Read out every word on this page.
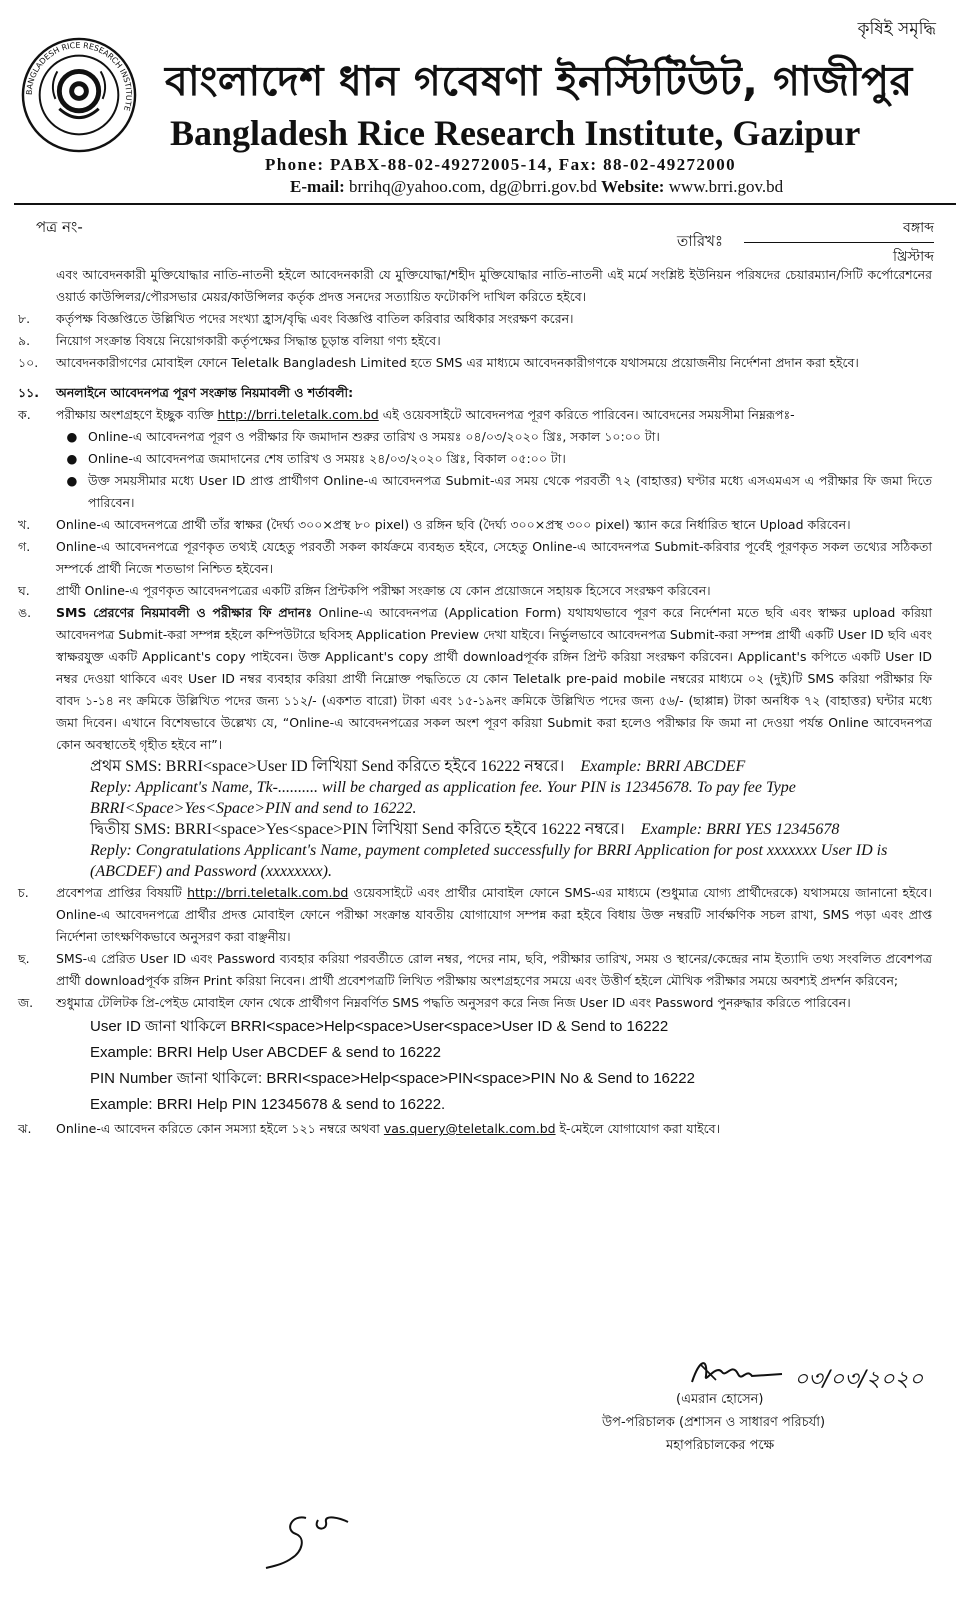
কৃষিই সমৃদ্ধি
BANGLADESH RICE RESEARCH INSTITUTE
বাংলাদেশ ধান গবেষণা ইনস্টিটিউট, গাজীপুর
Bangladesh Rice Research Institute, Gazipur
Phone: PABX-88-02-49272005-14, Fax: 88-02-49272000
E-mail: brrihq@yahoo.com, dg@brri.gov.bd Website: www.brri.gov.bd
পত্র নং-	বঙ্গাব্দ
তারিখঃ
খ্রিস্টাব্দ

এবং আবেদনকারী মুক্তিযোদ্ধার নাতি-নাতনী হইলে আবেদনকারী যে মুক্তিযোদ্ধা/শহীদ মুক্তিযোদ্ধার নাতি-নাতনী এই মর্মে সংশ্লিষ্ট ইউনিয়ন পরিষদের চেয়ারম্যান/সিটি কর্পোরেশনের ওয়ার্ড কাউন্সিলর/পৌরসভার মেয়র/কাউন্সিলর কর্তৃক প্রদত্ত সনদের সত্যায়িত ফটোকপি দাখিল করিতে হইবে।

৮.	কর্তৃপক্ষ বিজ্ঞপ্তিতে উল্লিখিত পদের সংখ্যা হ্রাস/বৃদ্ধি এবং বিজ্ঞপ্তি বাতিল করিবার অধিকার সংরক্ষণ করেন।
৯.	নিয়োগ সংক্রান্ত বিষয়ে নিয়োগকারী কর্তৃপক্ষের সিদ্ধান্ত চূড়ান্ত বলিয়া গণ্য হইবে।
১০.	আবেদনকারীগণের মোবাইল ফোনে Teletalk Bangladesh Limited হতে SMS এর মাধ্যমে আবেদনকারীগণকে যথাসময়ে প্রয়োজনীয় নির্দেশনা প্রদান করা হইবে।
১১.	অনলাইনে আবেদনপত্র পূরণ সংক্রান্ত নিয়মাবলী ও শর্তাবলী:
ক.	পরীক্ষায় অংশগ্রহণে ইচ্ছুক ব্যক্তি http://brri.teletalk.com.bd এই ওয়েবসাইটে আবেদনপত্র পূরণ করিতে পারিবেন। আবেদনের সময়সীমা নিম্নরূপঃ-
● Online-এ আবেদনপত্র পূরণ ও পরীক্ষার ফি জমাদান শুরুর তারিখ ও সময়ঃ ০৪/০৩/২০২০ খ্রিঃ, সকাল ১০:০০ টা।
● Online-এ আবেদনপত্র জমাদানের শেষ তারিখ ও সময়ঃ ২৪/০৩/২০২০ খ্রিঃ, বিকাল ০৫:০০ টা।
● উক্ত সময়সীমার মধ্যে User ID প্রাপ্ত প্রার্থীগণ Online-এ আবেদনপত্র Submit-এর সময় থেকে পরবর্তী ৭২ (বাহাত্তর) ঘণ্টার মধ্যে এসএমএস এ পরীক্ষার ফি জমা দিতে পারিবেন।
খ.	Online-এ আবেদনপত্রে প্রার্থী তাঁর স্বাক্ষর (দৈর্ঘ্য ৩০০×প্রস্থ ৮০ pixel) ও রঙ্গিন ছবি (দৈর্ঘ্য ৩০০×প্রস্থ ৩০০ pixel) স্ক্যান করে নির্ধারিত স্থানে Upload করিবেন।
গ.	Online-এ আবেদনপত্রে পূরণকৃত তথ্যই যেহেতু পরবর্তী সকল কার্যক্রমে ব্যবহৃত হইবে, সেহেতু Online-এ আবেদনপত্র Submit-করিবার পূর্বেই পূরণকৃত সকল তথ্যের সঠিকতা সম্পর্কে প্রার্থী নিজে শতভাগ নিশ্চিত হইবেন।
ঘ.	প্রার্থী Online-এ পূরণকৃত আবেদনপত্রের একটি রঙ্গিন প্রিন্টকপি পরীক্ষা সংক্রান্ত যে কোন প্রয়োজনে সহায়ক হিসেবে সংরক্ষণ করিবেন।
ঙ.	SMS প্রেরণের নিয়মাবলী ও পরীক্ষার ফি প্রদানঃ Online-এ আবেদনপত্র (Application Form) যথাযথভাবে পূরণ করে নির্দেশনা মতে ছবি এবং স্বাক্ষর upload করিয়া আবেদনপত্র Submit-করা সম্পন্ন হইলে কম্পিউটারে ছবিসহ Application Preview দেখা যাইবে। নির্ভুলভাবে আবেদনপত্র Submit-করা সম্পন্ন প্রার্থী একটি User ID ছবি এবং স্বাক্ষরযুক্ত একটি Applicant's copy পাইবেন। উক্ত Applicant's copy প্রার্থী downloadপূর্বক রঙ্গিন প্রিন্ট করিয়া সংরক্ষণ করিবেন। Applicant's কপিতে একটি User ID নম্বর দেওয়া থাকিবে এবং User ID নম্বর ব্যবহার করিয়া প্রার্থী নিম্নোক্ত পদ্ধতিতে যে কোন Teletalk pre-paid mobile নম্বরের মাধ্যমে ০২ (দুই)টি SMS করিয়া পরীক্ষার ফি বাবদ ১-১৪ নং ক্রমিকে উল্লিখিত পদের জন্য ১১২/- (একশত বারো) টাকা এবং ১৫-১৯নং ক্রমিকে উল্লিখিত পদের জন্য ৫৬/- (ছাপ্পান্ন) টাকা অনধিক ৭২ (বাহাত্তর) ঘন্টার মধ্যে জমা দিবেন। এখানে বিশেষভাবে উল্লেখ্য যে, “Online-এ আবেদনপত্রের সকল অংশ পূরণ করিয়া Submit করা হলেও পরীক্ষার ফি জমা না দেওয়া পর্যন্ত Online আবেদনপত্র কোন অবস্থাতেই গৃহীত হইবে না”।
প্রথম SMS: BRRI<space>User ID লিখিয়া Send করিতে হইবে 16222 নম্বরে। Example: BRRI ABCDEF
Reply: Applicant's Name, Tk-.......... will be charged as application fee. Your PIN is 12345678. To pay fee Type BRRI<Space>Yes<Space>PIN and send to 16222.
দ্বিতীয় SMS: BRRI<space>Yes<space>PIN লিখিয়া Send করিতে হইবে 16222 নম্বরে। Example: BRRI YES 12345678
Reply: Congratulations Applicant's Name, payment completed successfully for BRRI Application for post xxxxxxx User ID is (ABCDEF) and Password (xxxxxxxx).
চ.	প্রবেশপত্র প্রাপ্তির বিষয়টি http://brri.teletalk.com.bd ওয়েবসাইটে এবং প্রার্থীর মোবাইল ফোনে SMS-এর মাধ্যমে (শুধুমাত্র যোগ্য প্রার্থীদেরকে) যথাসময়ে জানানো হইবে। Online-এ আবেদনপত্রে প্রার্থীর প্রদত্ত মোবাইল ফোনে পরীক্ষা সংক্রান্ত যাবতীয় যোগাযোগ সম্পন্ন করা হইবে বিধায় উক্ত নম্বরটি সার্বক্ষণিক সচল রাখা, SMS পড়া এবং প্রাপ্ত নির্দেশনা তাৎক্ষণিকভাবে অনুসরণ করা বাঞ্ছনীয়।
ছ.	SMS-এ প্রেরিত User ID এবং Password ব্যবহার করিয়া পরবর্তীতে রোল নম্বর, পদের নাম, ছবি, পরীক্ষার তারিখ, সময় ও স্থানের/কেন্দ্রের নাম ইত্যাদি তথ্য সংবলিত প্রবেশপত্র প্রার্থী downloadপূর্বক রঙ্গিন Print করিয়া নিবেন। প্রার্থী প্রবেশপত্রটি লিখিত পরীক্ষায় অংশগ্রহণের সময়ে এবং উত্তীর্ণ হইলে মৌখিক পরীক্ষার সময়ে অবশ্যই প্রদর্শন করিবেন;
জ.	শুধুমাত্র টেলিটক প্রি-পেইড মোবাইল ফোন থেকে প্রার্থীগণ নিম্নবর্ণিত SMS পদ্ধতি অনুসরণ করে নিজ নিজ User ID এবং Password পুনরুদ্ধার করিতে পারিবেন।
User ID জানা থাকিলে BRRI<space>Help<space>User<space>User ID & Send to 16222
Example: BRRI Help User ABCDEF & send to 16222
PIN Number জানা থাকিলে: BRRI<space>Help<space>PIN<space>PIN No & Send to 16222
Example: BRRI Help PIN 12345678 & send to 16222.
ঝ.	Online-এ আবেদন করিতে কোন সমস্যা হইলে ১২১ নম্বরে অথবা vas.query@teletalk.com.bd ই-মেইলে যোগাযোগ করা যাইবে।
০৩/০৩/২০২০
(এমরান হোসেন)
উপ-পরিচালক (প্রশাসন ও সাধারণ পরিচর্যা)
মহাপরিচালকের পক্ষে
